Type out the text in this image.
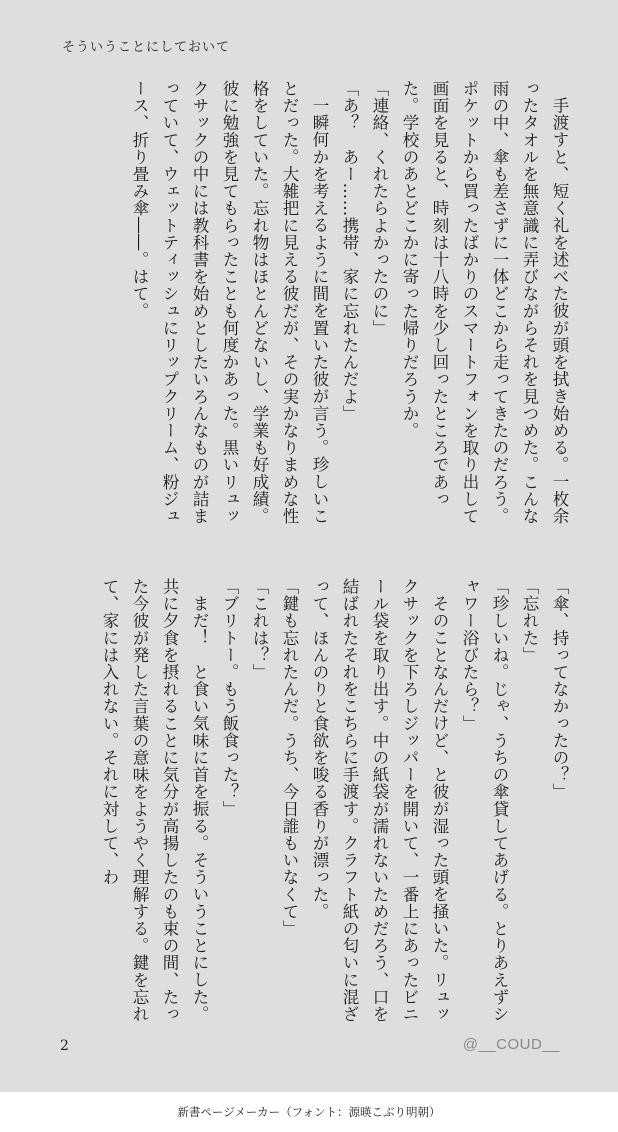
そういうことにしておいて

手渡すと、短く礼を述べた彼が頭を拭き始める。一枚余ったタオルを無意識に弄びながらそれを見つめた。こんな雨の中、傘も差さずに一体どこから走ってきたのだろう。ポケットから買ったばかりのスマートフォンを取り出して画面を見ると、時刻は十八時を少し回ったところであった。学校のあとどこかに寄った帰りだろうか。

「連絡、くれたらよかったのに」

「あ？　あー……携帯、家に忘れたんだよ」

一瞬何かを考えるように間を置いた彼が言う。珍しいことだった。大雑把に見える彼だが、その実かなりまめな性格をしていた。忘れ物はほとんどないし、学業も好成績。彼に勉強を見てもらったことも何度かあった。黒いリュックサックの中には教科書を始めとしたいろんなものが詰まっていて、ウェットティッシュにリップクリーム、粉ジュース、折り畳み傘――。はて。

「傘、持ってなかったの？」

「忘れた」

「珍しいね。じゃ、うちの傘貸してあげる。とりあえずシャワー浴びたら？」

そのことなんだけど、と彼が湿った頭を掻いた。リュックサックを下ろしジッパーを開いて、一番上にあったビニール袋を取り出す。中の紙袋が濡れないためだろう、口を結ばれたそれをこちらに手渡す。クラフト紙の匂いに混ざって、ほんのりと食欲を唆る香りが漂った。

「鍵も忘れたんだ。うち、今日誰もいなくて」

「これは？」

「ブリトー。もう飯食った？」

まだ！　と食い気味に首を振る。そういうことにした。共に夕食を摂れることに気分が高揚したのも束の間、たった今彼が発した言葉の意味をようやく理解する。鍵を忘れて、家には入れない。それに対して、わ

2	@__COUD__
新書ページメーカー（フォント：源暎こぶり明朝）
